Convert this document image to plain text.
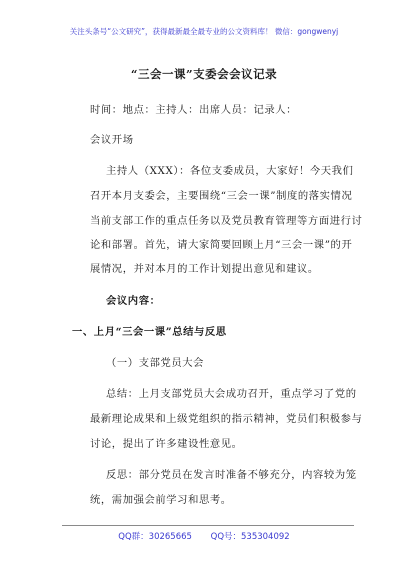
关注头条号“公文研究”，获得最新最全最专业的公文资料库！ 微信：gongwenyj
“三会一课”支委会会议记录
时间：地点：主持人：出席人员：记录人：
会议开场
主持人（XXX）：各位支委成员，大家好！今天我们
召开本月支委会，主要围绕“三会一课”制度的落实情况
当前支部工作的重点任务以及党员教育管理等方面进行讨
论和部署。首先，请大家简要回顾上月“三会一课”的开
展情况，并对本月的工作计划提出意见和建议。
会议内容：
一、上月“三会一课”总结与反思
（一）支部党员大会
总结：上月支部党员大会成功召开，重点学习了党的
最新理论成果和上级党组织的指示精神，党员们积极参与
讨论，提出了许多建设性意见。
反思：部分党员在发言时准备不够充分，内容较为笼
统，需加强会前学习和思考。
QQ群：30265665 QQ号：535304092
